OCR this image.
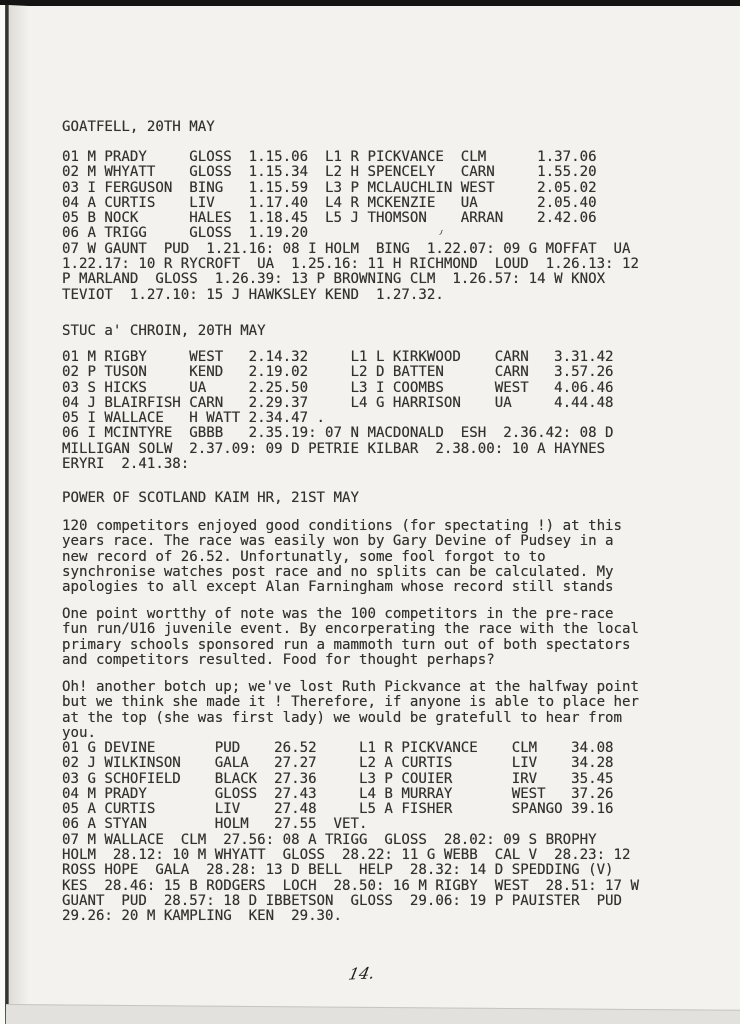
GOATFELL, 20TH MAY
01 M PRADY     GLOSS  1.15.06  L1 R PICKVANCE  CLM      1.37.06
02 M WHYATT    GLOSS  1.15.34  L2 H SPENCELY   CARN     1.55.20
03 I FERGUSON  BING   1.15.59  L3 P MCLAUCHLIN WEST     2.05.02
04 A CURTIS    LIV    1.17.40  L4 R MCKENZIE   UA       2.05.40
05 B NOCK      HALES  1.18.45  L5 J THOMSON    ARRAN    2.42.06
06 A TRIGG     GLOSS  1.19.20
07 W GAUNT  PUD  1.21.16: 08 I HOLM  BING  1.22.07: 09 G MOFFAT  UA
1.22.17: 10 R RYCROFT  UA  1.25.16: 11 H RICHMOND  LOUD  1.26.13: 12
P MARLAND  GLOSS  1.26.39: 13 P BROWNING CLM  1.26.57: 14 W KNOX
TEVIOT  1.27.10: 15 J HAWKSLEY KEND  1.27.32.
STUC a' CHROIN, 20TH MAY
01 M RIGBY     WEST   2.14.32     L1 L KIRKWOOD    CARN   3.31.42
02 P TUSON     KEND   2.19.02     L2 D BATTEN      CARN   3.57.26
03 S HICKS     UA     2.25.50     L3 I COOMBS      WEST   4.06.46
04 J BLAIRFISH CARN   2.29.37     L4 G HARRISON    UA     4.44.48
05 I WALLACE   H WATT 2.34.47 .
06 I MCINTYRE  GBBB   2.35.19: 07 N MACDONALD  ESH  2.36.42: 08 D
MILLIGAN SOLW  2.37.09: 09 D PETRIE KILBAR  2.38.00: 10 A HAYNES
ERYRI  2.41.38:
POWER OF SCOTLAND KAIM HR, 21ST MAY
120 competitors enjoyed good conditions (for spectating !) at this
years race. The race was easily won by Gary Devine of Pudsey in a
new record of 26.52. Unfortunatly, some fool forgot to to
synchronise watches post race and no splits can be calculated. My
apologies to all except Alan Farningham whose record still stands
One point wortthy of note was the 100 competitors in the pre-race
fun run/U16 juvenile event. By encorperating the race with the local
primary schools sponsored run a mammoth turn out of both spectators
and competitors resulted. Food for thought perhaps?
Oh! another botch up; we've lost Ruth Pickvance at the halfway point
but we think she made it ! Therefore, if anyone is able to place her
at the top (she was first lady) we would be gratefull to hear from
you.
01 G DEVINE       PUD    26.52     L1 R PICKVANCE    CLM    34.08
02 J WILKINSON    GALA   27.27     L2 A CURTIS       LIV    34.28
03 G SCHOFIELD    BLACK  27.36     L3 P COUIER       IRV    35.45
04 M PRADY        GLOSS  27.43     L4 B MURRAY       WEST   37.26
05 A CURTIS       LIV    27.48     L5 A FISHER       SPANGO 39.16
06 A STYAN        HOLM   27.55  VET.
07 M WALLACE  CLM  27.56: 08 A TRIGG  GLOSS  28.02: 09 S BROPHY
HOLM  28.12: 10 M WHYATT  GLOSS  28.22: 11 G WEBB  CAL V  28.23: 12
ROSS HOPE  GALA  28.28: 13 D BELL  HELP  28.32: 14 D SPEDDING (V)
KES  28.46: 15 B RODGERS  LOCH  28.50: 16 M RIGBY  WEST  28.51: 17 W
GUANT  PUD  28.57: 18 D IBBETSON  GLOSS  29.06: 19 P PAUISTER  PUD
29.26: 20 M KAMPLING  KEN  29.30.
14.
